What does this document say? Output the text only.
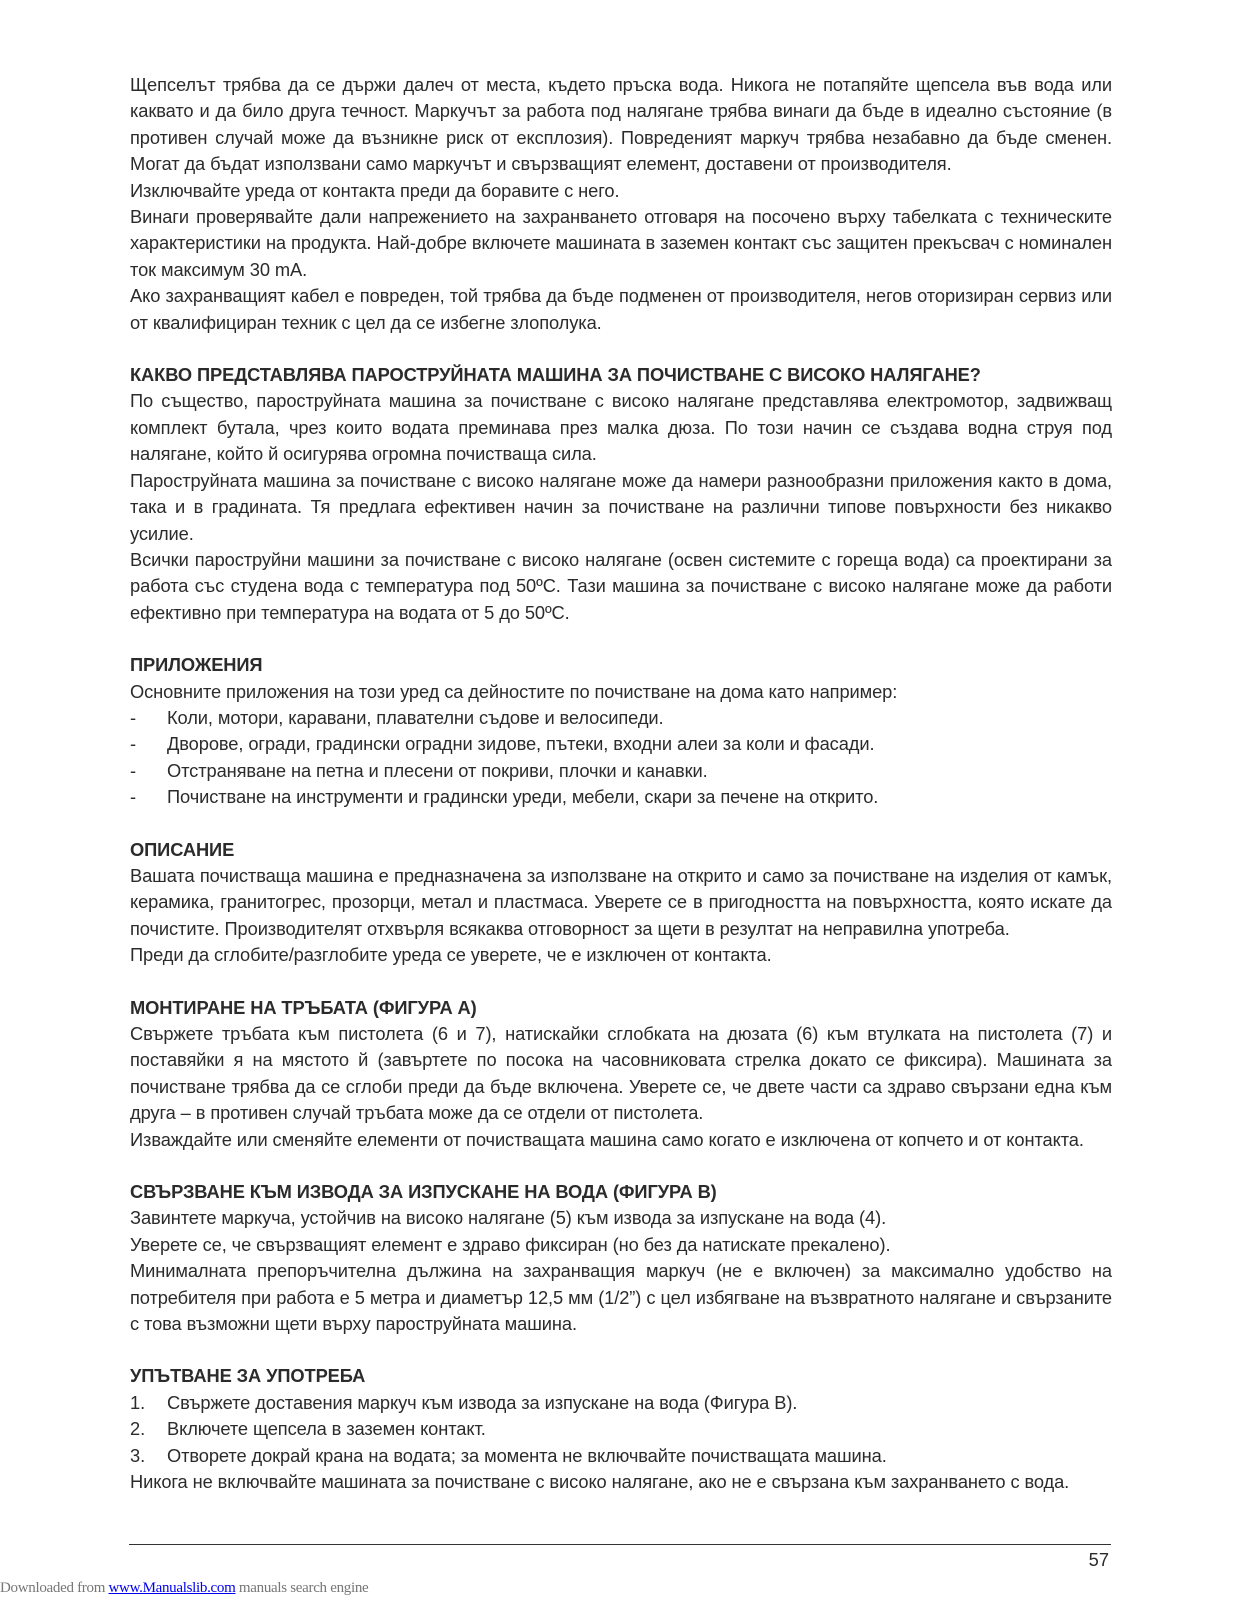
Щепселът трябва да се държи далеч от места, където пръска вода. Никога не потапяйте щепсела във вода или каквато и да било друга течност. Маркучът за работа под налягане трябва винаги да бъде в идеално състояние (в противен случай може да възникне риск от експлозия). Повреденият маркуч трябва незабавно да бъде сменен. Могат да бъдат използвани само маркучът и свързващият елемент, доставени от производителя.

Изключвайте уреда от контакта преди да боравите с него.

Винаги проверявайте дали напрежението на захранването отговаря на посочено върху табелката с техническите характеристики на продукта. Най-добре включете машината в заземен контакт със защитен прекъсвач с номинален ток максимум 30 mA.

Ако захранващият кабел е повреден, той трябва да бъде подменен от производителя, негов оторизиран сервиз или от квалифициран техник с цел да се избегне злополука.

КАКВО ПРЕДСТАВЛЯВА ПАРОСТРУЙНАТА МАШИНА ЗА ПОЧИСТВАНЕ С ВИСОКО НАЛЯГАНЕ?

По същество, пароструйната машина за почистване с високо налягане представлява електромотор, задвижващ комплект бутала, чрез които водата преминава през малка дюза. По този начин се създава водна струя под налягане, който й осигурява огромна почистваща сила.

Пароструйната машина за почистване с високо налягане може да намери разнообразни приложения както в дома, така и в градината. Тя предлага ефективен начин за почистване на различни типове повърхности без никакво усилие.

Всички пароструйни машини за почистване с високо налягане (освен системите с гореща вода) са проектирани за работа със студена вода с температура под 50ºC. Тази машина за почистване с високо налягане може да работи ефективно при температура на водата от 5 до 50ºC.

ПРИЛОЖЕНИЯ

Основните приложения на този уред са дейностите по почистване на дома като например:

- Коли, мотори, каравани, плавателни съдове и велосипеди.
- Дворове, огради, градински оградни зидове, пътеки, входни алеи за коли и фасади.
- Отстраняване на петна и плесени от покриви, плочки и канавки.
- Почистване на инструменти и градински уреди, мебели, скари за печене на открито.
ОПИСАНИЕ

Вашата почистваща машина е предназначена за използване на открито и само за почистване на изделия от камък, керамика, гранитогрес, прозорци, метал и пластмаса. Уверете се в пригодността на повърхността, която искате да почистите. Производителят отхвърля всякаква отговорност за щети в резултат на неправилна употреба.

Преди да сглобите/разглобите уреда се уверете, че е изключен от контакта.

МОНТИРАНЕ НА ТРЪБАТА (ФИГУРА А)

Свържете тръбата към пистолета (6 и 7), натискайки сглобката на дюзата (6) към втулката на пистолета (7) и поставяйки я на мястото й (завъртете по посока на часовниковата стрелка докато се фиксира). Машината за почистване трябва да се сглоби преди да бъде включена. Уверете се, че двете части са здраво свързани една към друга – в противен случай тръбата може да се отдели от пистолета.

Изваждайте или сменяйте елементи от почистващата машина само когато е изключена от копчето и от контакта.

СВЪРЗВАНЕ КЪМ ИЗВОДА ЗА ИЗПУСКАНЕ НА ВОДА (ФИГУРА В)

Завинтете маркуча, устойчив на високо налягане (5) към извода за изпускане на вода (4).

Уверете се, че свързващият елемент е здраво фиксиран (но без да натискате прекалено).

Минималната препоръчителна дължина на захранващия маркуч (не е включен) за максимално удобство на потребителя при работа е 5 метра и диаметър 12,5 мм (1/2”) с цел избягване на възвратното налягане и свързаните с това възможни щети върху пароструйната машина.

УПЪТВАНЕ ЗА УПОТРЕБА
1. Свържете доставения маркуч към извода за изпускане на вода (Фигура В).
2. Включете щепсела в заземен контакт.
3. Отворете докрай крана на водата; за момента не включвайте почистващата машина.

Никога не включвайте машината за почистване с високо налягане, ако не е свързана към захранването с вода.

57
Downloaded from www.Manualslib.com manuals search engine
